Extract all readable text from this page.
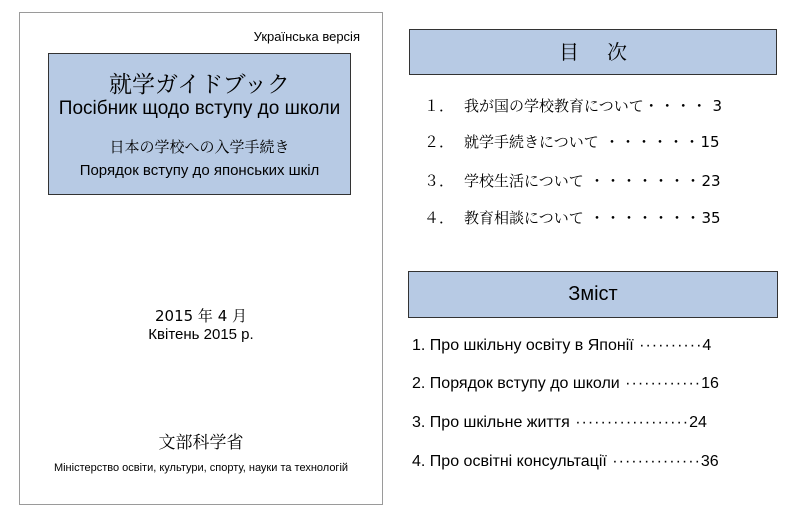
Українська версія
就学ガイドブック
Посібник щодо вступу до школи
日本の学校への入学手続き
Порядок вступу до японських шкіл
2015 年 4 月
Квітень 2015 р.
文部科学省
Міністерство освіти, культури, спорту, науки та технологій
目次
１． 我が国の学校教育について・・・・ 3
２． 就学手続きについて ・・・・・・15
３． 学校生活について ・・・・・・・23
４． 教育相談について ・・・・・・・35
Зміст
1. Про шкільну освіту в Японії ··········4
2. Порядок вступу до школи ············16
3. Про шкільне життя ··················24
4. Про освітні консультації ··············36
